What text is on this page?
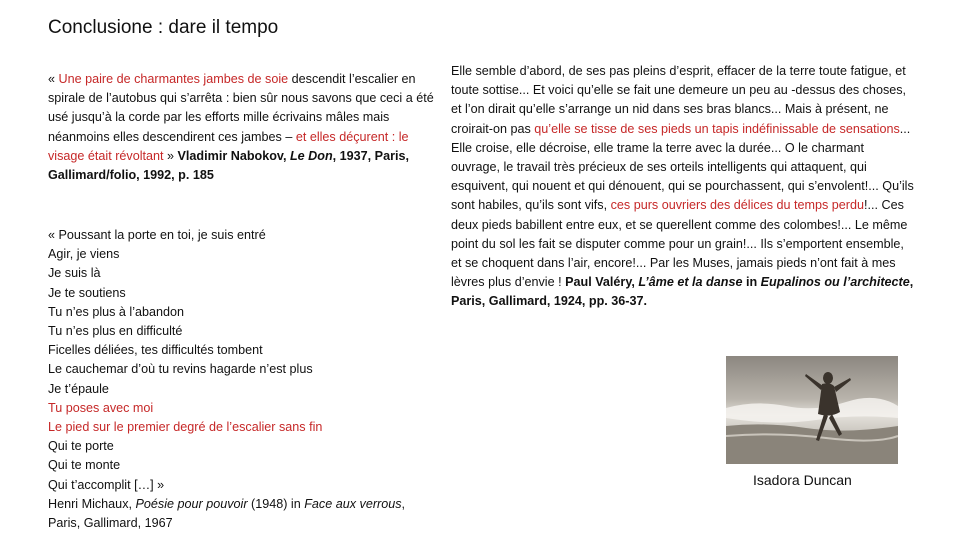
Conclusione : dare il tempo
« Une paire de charmantes jambes de soie descendit l’escalier en spirale de l’autobus qui s’arrêta : bien sûr nous savons que ceci a été usé jusqu’à la corde par les efforts mille écrivains mâles mais néanmoins elles descendirent ces jambes – et elles déçurent : le visage était révoltant » Vladimir Nabokov, Le Don, 1937, Paris, Gallimard/folio, 1992, p. 185
« Poussant la porte en toi, je suis entré
Agir, je viens
Je suis là
Je te soutiens
Tu n’es plus à l’abandon
Tu n’es plus en difficulté
Ficelles déliées, tes difficultés tombent
Le cauchemar d’où tu revins hagarde n’est plus
Je t’épaule
Tu poses avec moi
Le pied sur le premier degré de l’escalier sans fin
Qui te porte
Qui te monte
Qui t’accomplit […] »
Henri Michaux, Poésie pour pouvoir (1948) in Face aux verrous, Paris, Gallimard, 1967
Elle semble d’abord, de ses pas pleins d’esprit, effacer de la terre toute fatigue, et toute sottise... Et voici qu’elle se fait une demeure un peu au -dessus des choses, et l’on dirait qu’elle s’arrange un nid dans ses bras blancs... Mais à présent, ne croirait-on pas qu’elle se tisse de ses pieds un tapis indéfinissable de sensations... Elle croise, elle décroise, elle trame la terre avec la durée... O le charmant ouvrage, le travail très précieux de ses orteils intelligents qui attaquent, qui esquivent, qui nouent et qui dénouent, qui se pourchassent, qui s’envolent!... Qu’ils sont habiles, qu’ils sont vifs, ces purs ouvriers des délices du temps perdu!... Ces deux pieds babillent entre eux, et se querellent comme des colombes!... Le même point du sol les fait se disputer comme pour un grain!... Ils s’emportent ensemble, et se choquent dans l’air, encore!... Par les Muses, jamais pieds n’ont fait à mes lèvres plus d’envie ! Paul Valéry, L’âme et la danse in Eupalinos ou l’architecte, Paris, Gallimard, 1924, pp. 36-37.
Isadora Duncan
